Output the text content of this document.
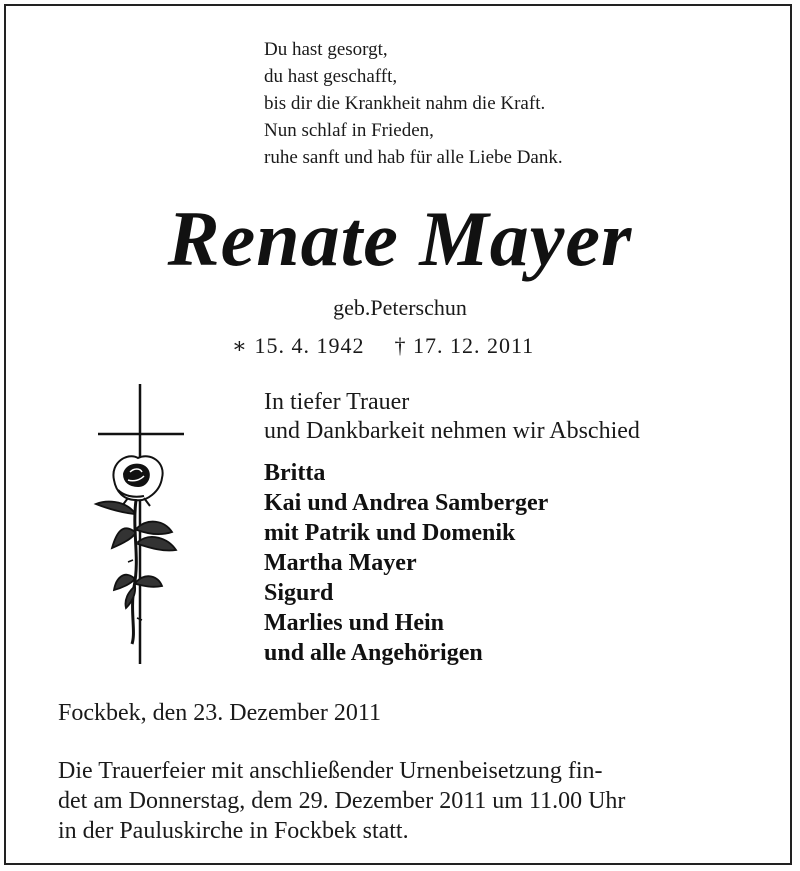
Du hast gesorgt,
du hast geschafft,
bis dir die Krankheit nahm die Kraft.
Nun schlaf in Frieden,
ruhe sanft und hab für alle Liebe Dank.
Renate Mayer
geb.Peterschun
∗ 15. 4. 1942 † 17. 12. 2011
In tiefer Trauer
und Dankbarkeit nehmen wir Abschied
Britta
Kai und Andrea Samberger
mit Patrik und Domenik
Martha Mayer
Sigurd
Marlies und Hein
und alle Angehörigen
Fockbek, den 23. Dezember 2011
Die Trauerfeier mit anschließender Urnenbeisetzung fin-
det am Donnerstag, dem 29. Dezember 2011 um 11.00 Uhr
in der Pauluskirche in Fockbek statt.
